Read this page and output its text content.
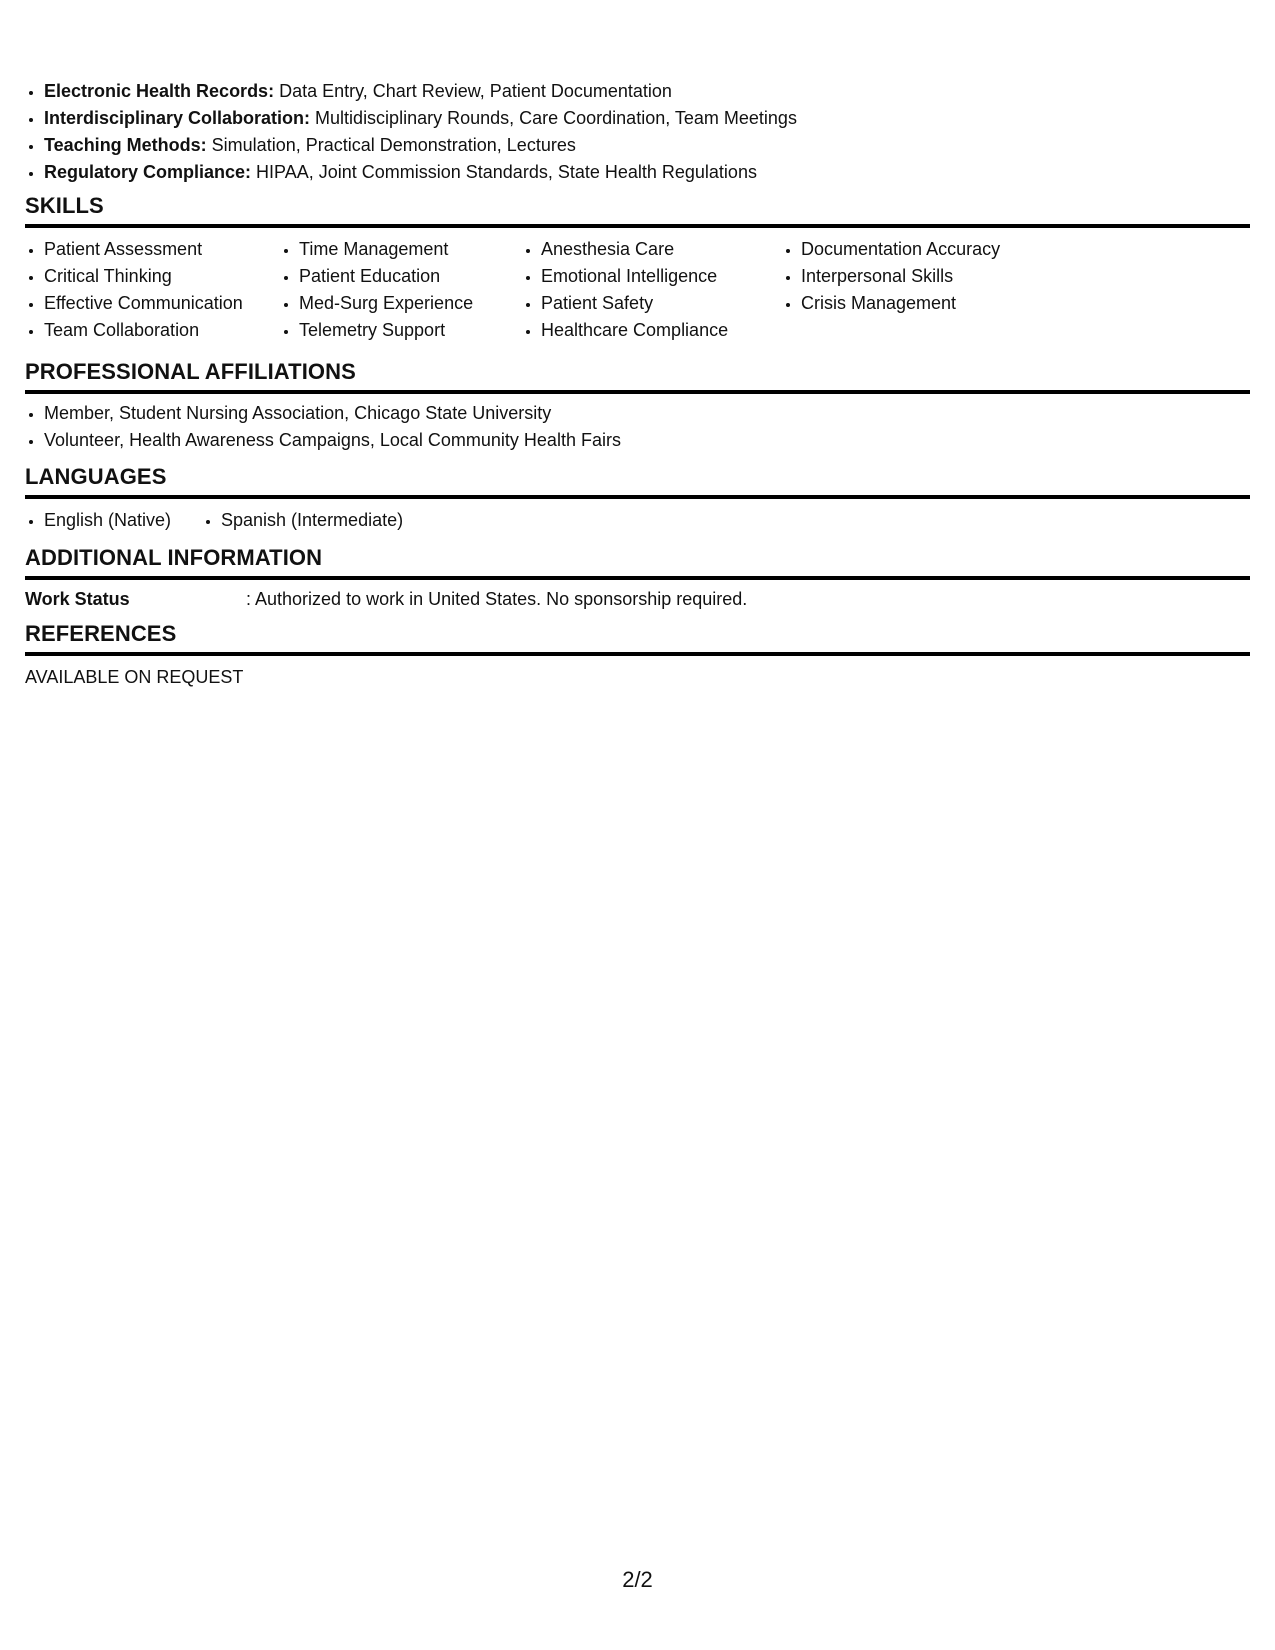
• Electronic Health Records: Data Entry, Chart Review, Patient Documentation
• Interdisciplinary Collaboration: Multidisciplinary Rounds, Care Coordination, Team Meetings
• Teaching Methods: Simulation, Practical Demonstration, Lectures
• Regulatory Compliance: HIPAA, Joint Commission Standards, State Health Regulations
SKILLS
• Patient Assessment
• Critical Thinking
• Effective Communication
• Team Collaboration
• Time Management
• Patient Education
• Med-Surg Experience
• Telemetry Support
• Anesthesia Care
• Emotional Intelligence
• Patient Safety
• Healthcare Compliance
• Documentation Accuracy
• Interpersonal Skills
• Crisis Management
PROFESSIONAL AFFILIATIONS
• Member, Student Nursing Association, Chicago State University
• Volunteer, Health Awareness Campaigns, Local Community Health Fairs
LANGUAGES
• English (Native)
•	Spanish (Intermediate)
ADDITIONAL INFORMATION
Work Status	: Authorized to work in United States. No sponsorship required.
REFERENCES
AVAILABLE ON REQUEST
2/2
